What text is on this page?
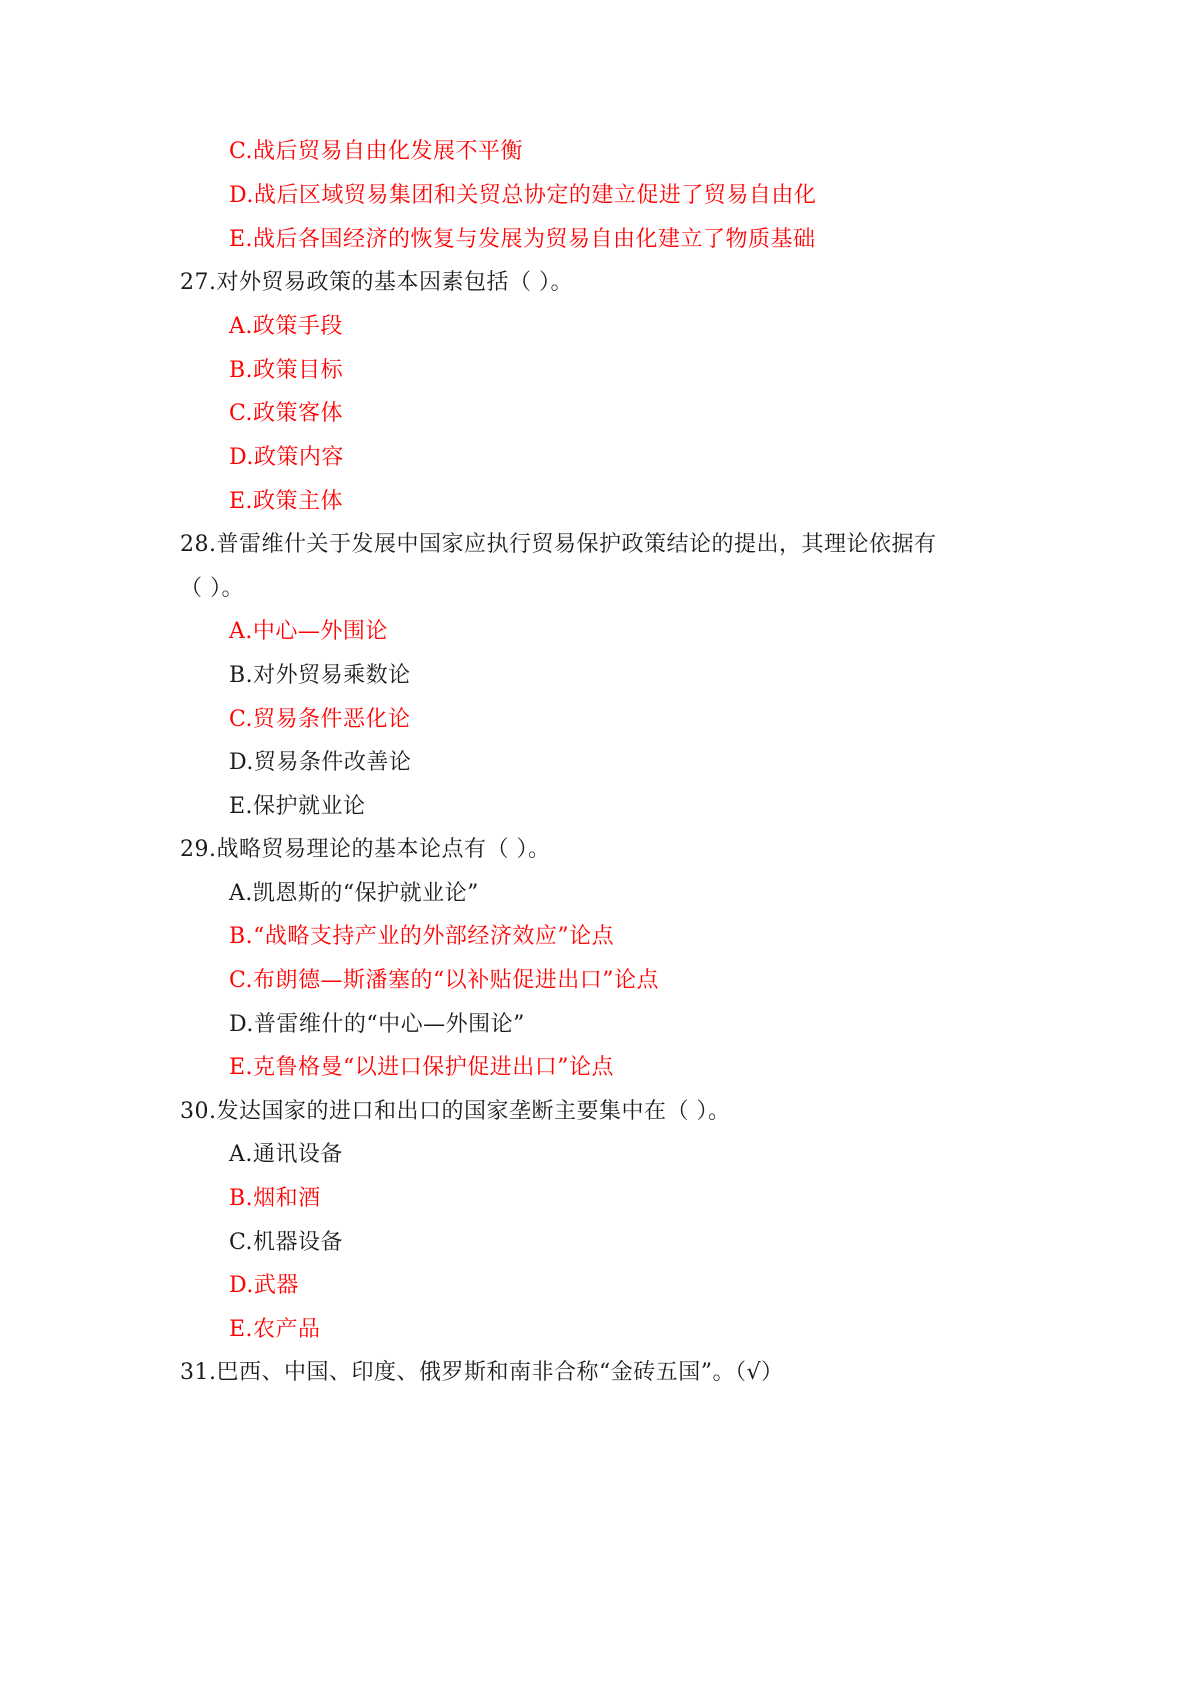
C.战后贸易自由化发展不平衡
D.战后区域贸易集团和关贸总协定的建立促进了贸易自由化
E.战后各国经济的恢复与发展为贸易自由化建立了物质基础
27.对外贸易政策的基本因素包括（ ）。
A.政策手段
B.政策目标
C.政策客体
D.政策内容
E.政策主体
28.普雷维什关于发展中国家应执行贸易保护政策结论的提出，其理论依据有
（ ）。
A.中心—外围论
B.对外贸易乘数论
C.贸易条件恶化论
D.贸易条件改善论
E.保护就业论
29.战略贸易理论的基本论点有（ ）。
A.凯恩斯的“保护就业论”
B.“战略支持产业的外部经济效应”论点
C.布朗德—斯潘塞的“以补贴促进出口”论点
D.普雷维什的“中心—外围论”
E.克鲁格曼“以进口保护促进出口”论点
30.发达国家的进口和出口的国家垄断主要集中在（ ）。
A.通讯设备
B.烟和酒
C.机器设备
D.武器
E.农产品
31.巴西、中国、印度、俄罗斯和南非合称“金砖五国”。（√）
